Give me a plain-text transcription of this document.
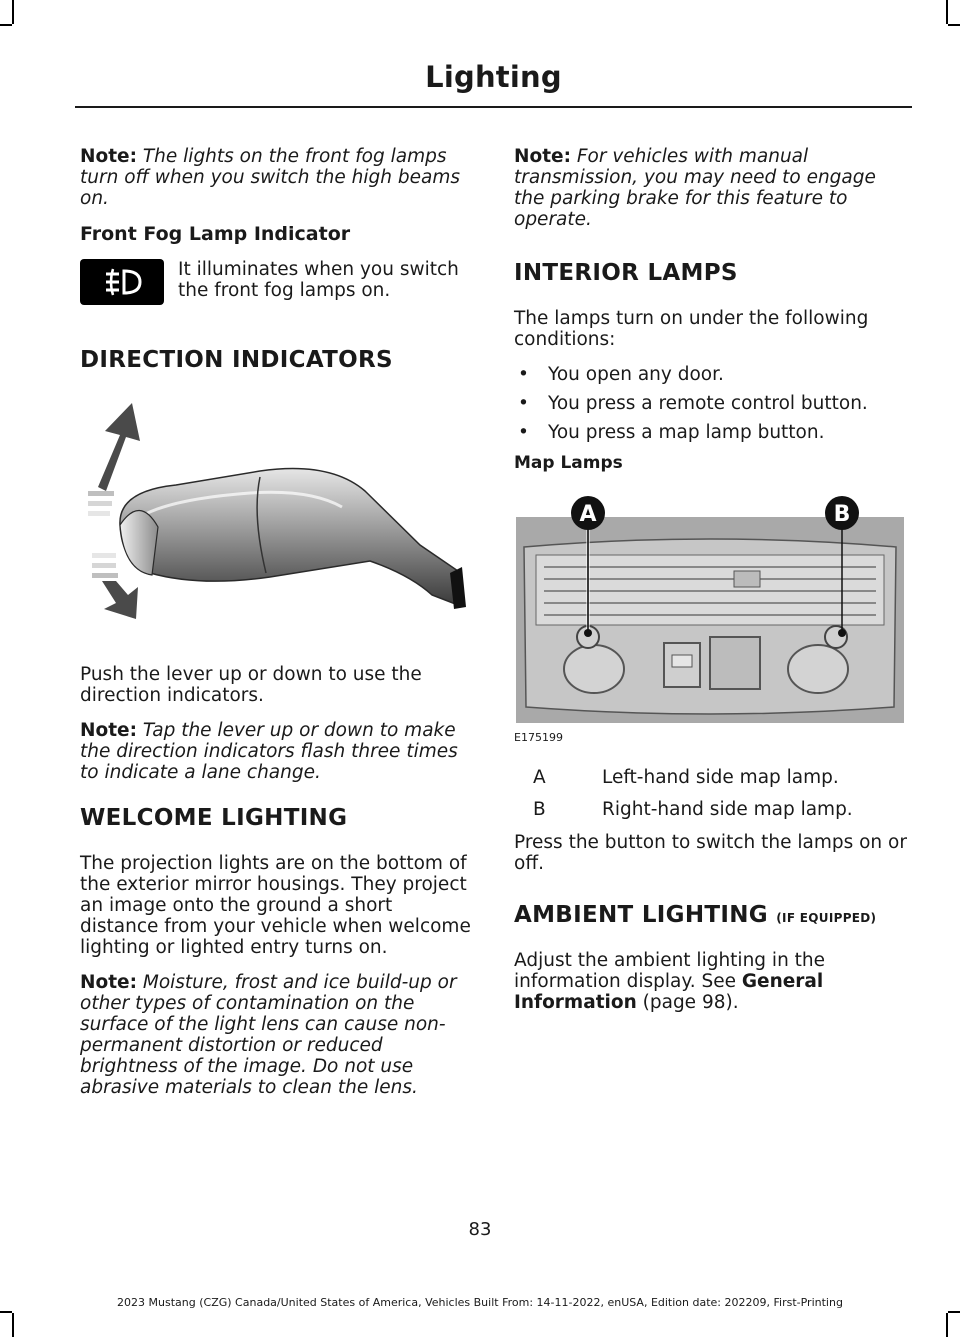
Lighting

Note: The lights on the front fog lamps turn off when you switch the high beams on.

Front Fog Lamp Indicator

It illuminates when you switch the front fog lamps on.

DIRECTION INDICATORS

Push the lever up or down to use the direction indicators.

Note: Tap the lever up or down to make the direction indicators flash three times to indicate a lane change.

WELCOME LIGHTING

The projection lights are on the bottom of the exterior mirror housings. They project an image onto the ground a short distance from your vehicle when welcome lighting or lighted entry turns on.

Note: Moisture, frost and ice build-up or other types of contamination on the surface of the light lens can cause non-permanent distortion or reduced brightness of the image. Do not use abrasive materials to clean the lens.

Note: For vehicles with manual transmission, you may need to engage the parking brake for this feature to operate.

INTERIOR LAMPS

The lamps turn on under the following conditions:

• You open any door.
• You press a remote control button.
• You press a map lamp button.
Map Lamps
A	B
E175199
A	Left-hand side map lamp.
B	Right-hand side map lamp.

Press the button to switch the lamps on or off.

AMBIENT LIGHTING (IF EQUIPPED)

Adjust the ambient lighting in the information display. See General Information (page 98).

83
2023 Mustang (CZG) Canada/United States of America, Vehicles Built From: 14-11-2022, enUSA, Edition date: 202209, First-Printing
